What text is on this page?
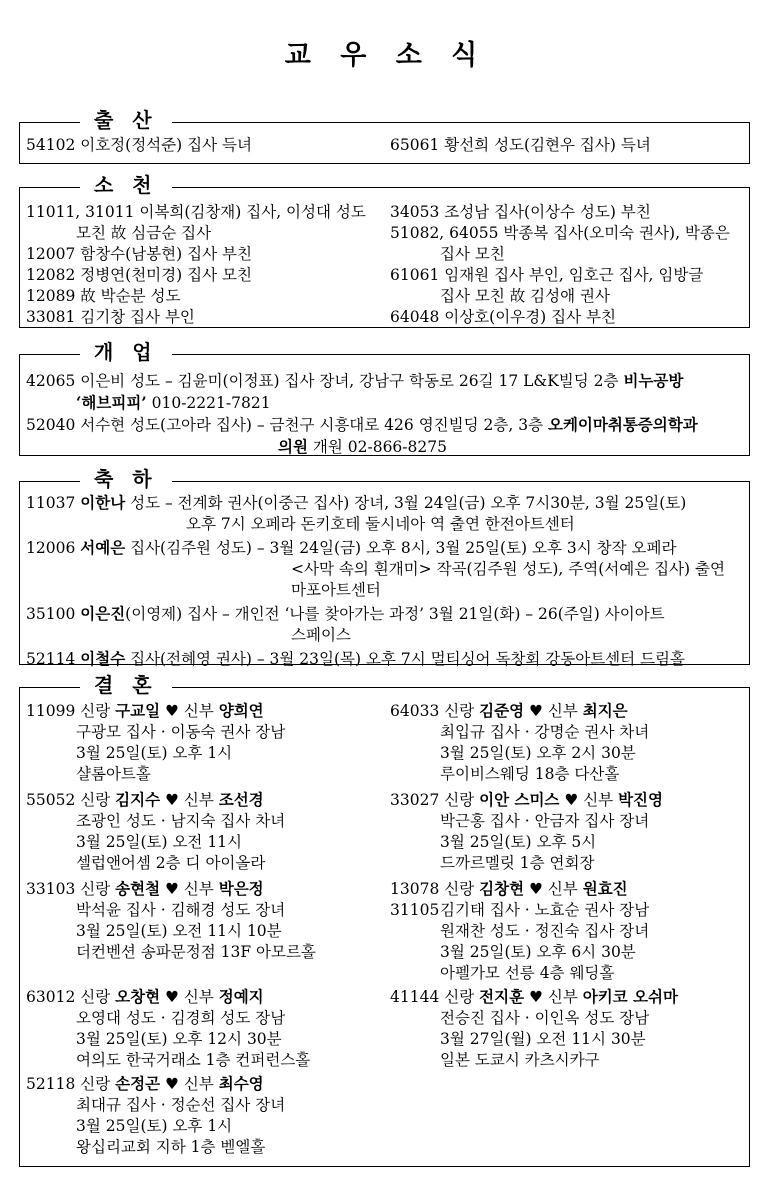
교 우 소 식
출 산
54102 이호정(정석준) 집사 득녀	65061 황선희 성도(김현우 집사) 득녀
소 천
11011, 31011 이복희(김창재) 집사, 이성대 성도
모친 故 심금순 집사
12007 함창수(남봉현) 집사 부친
12082 정병연(천미경) 집사 모친
12089 故 박순분 성도
33081 김기창 집사 부인
34053 조성남 집사(이상수 성도) 부친
51082, 64055 박종복 집사(오미숙 권사), 박종은
집사 모친
61061 임재원 집사 부인, 임호근 집사, 임방글
집사 모친 故 김성애 권사
64048 이상호(이우경) 집사 부친
개 업
42065 이은비 성도 – 김윤미(이정표) 집사 장녀, 강남구 학동로 26길 17 L&K빌딩 2층 비누공방
‘해브피피’ 010-2221-7821
52040 서수현 성도(고아라 집사) – 금천구 시흥대로 426 영진빌딩 2층, 3층 오케이마취통증의학과
의원 개원 02-866-8275
축 하
11037 이한나 성도 – 전계화 권사(이중근 집사) 장녀, 3월 24일(금) 오후 7시30분, 3월 25일(토)
오후 7시 오페라 돈키호테 둘시네아 역 출연 한전아트센터
12006 서예은 집사(김주원 성도) – 3월 24일(금) 오후 8시, 3월 25일(토) 오후 3시 창작 오페라
<사막 속의 흰개미> 작곡(김주원 성도), 주역(서예은 집사) 출연
마포아트센터
35100 이은진(이영제) 집사 – 개인전 ‘나를 찾아가는 과정’ 3월 21일(화) – 26(주일) 사이아트
스페이스
52114 이철수 집사(전혜영 권사) – 3월 23일(목) 오후 7시 멀티싱어 독창회 강동아트센터 드림홀
결 혼
11099 신랑 구교일 ♥ 신부 양희연
구광모 집사 · 이동숙 권사 장남
3월 25일(토) 오후 1시
샬롬아트홀
55052 신랑 김지수 ♥ 신부 조선경
조광인 성도 · 남지숙 집사 차녀
3월 25일(토) 오전 11시
셀럽앤어셈 2층 디 아이올라
33103 신랑 송현철 ♥ 신부 박은정
박석윤 집사 · 김해경 성도 장녀
3월 25일(토) 오전 11시 10분
더컨벤션 송파문정점 13F 아모르홀
63012 신랑 오창현 ♥ 신부 정예지
오영대 성도 · 김경희 성도 장남
3월 25일(토) 오후 12시 30분
여의도 한국거래소 1층 컨퍼런스홀
52118 신랑 손정곤 ♥ 신부 최수영
최대규 집사 · 정순선 집사 장녀
3월 25일(토) 오후 1시
왕십리교회 지하 1층 벧엘홀
64033 신랑 김준영 ♥ 신부 최지은
최입규 집사 · 강명순 권사 차녀
3월 25일(토) 오후 2시 30분
루이비스웨딩 18층 다산홀
33027 신랑 이안 스미스 ♥ 신부 박진영
박근홍 집사 · 안금자 집사 장녀
3월 25일(토) 오후 5시
드까르멜릿 1층 연회장
13078 신랑 김창현 ♥ 신부 원효진
31105 김기태 집사 · 노효순 권사 장남
원재찬 성도 · 정진숙 집사 장녀
3월 25일(토) 오후 6시 30분
아펠가모 선릉 4층 웨딩홀
41144 신랑 전지훈 ♥ 신부 아키코 오쉬마
전승진 집사 · 이인옥 성도 장남
3월 27일(월) 오전 11시 30분
일본 도쿄시 카츠시카구
